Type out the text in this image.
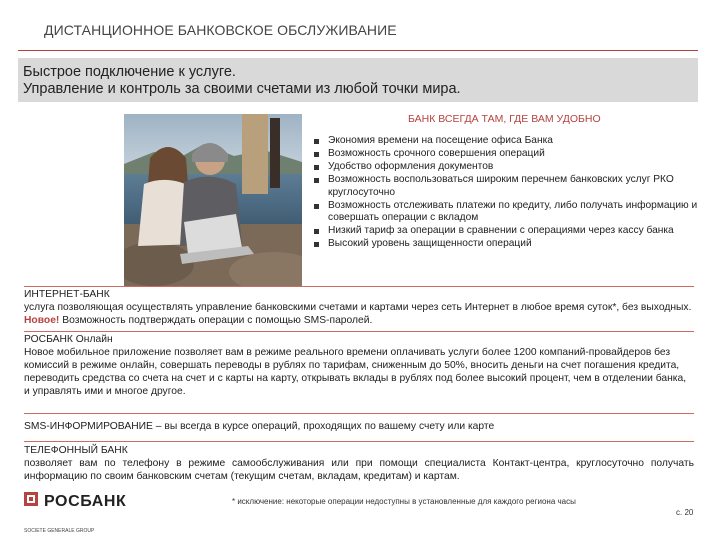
ДИСТАНЦИОННОЕ БАНКОВСКОЕ ОБСЛУЖИВАНИЕ
Быстрое подключение к услуге.
Управление и контроль за своими счетами из любой точки мира.
БАНК ВСЕГДА ТАМ, ГДЕ ВАМ УДОБНО
Экономия времени на посещение офиса Банка
Возможность срочного совершения операций
Удобство оформления документов
Возможность воспользоваться широким перечнем банковских услуг РКО круглосуточно
Возможность отслеживать платежи по кредиту, либо получать информацию и совершать операции с вкладом
Низкий тариф за операции в сравнении с операциями через кассу банка
Высокий уровень защищенности операций
ИНТЕРНЕТ-БАНК
услуга позволяющая осуществлять управление банковскими счетами и картами через сеть Интернет в любое время суток*, без выходных. Новое! Возможность подтверждать операции с помощью SMS-паролей.
РОСБАНК Онлайн
Новое мобильное приложение позволяет вам в режиме реального времени оплачивать услуги более 1200 компаний-провайдеров без комиссий в режиме онлайн, совершать переводы в рублях по тарифам, сниженным до 50%, вносить деньги на счет погашения кредита, переводить средства со счета на счет и с карты на карту, открывать вклады в рублях под более высокий процент, чем в отделении банка, и управлять ими и многое другое.
SMS-ИНФОРМИРОВАНИЕ – вы всегда в курсе операций, проходящих по вашему счету или карте
ТЕЛЕФОННЫЙ БАНК
позволяет вам по телефону в режиме самообслуживания или при помощи специалиста Контакт-центра, круглосуточно получать информацию по своим банковским счетам (текущим счетам, вкладам, кредитам) и картам.
SOCIETE GENERALE GROUP
РОСБАНК	* исключение: некоторые операции недоступны в установленные для каждого региона часы
с. 20
